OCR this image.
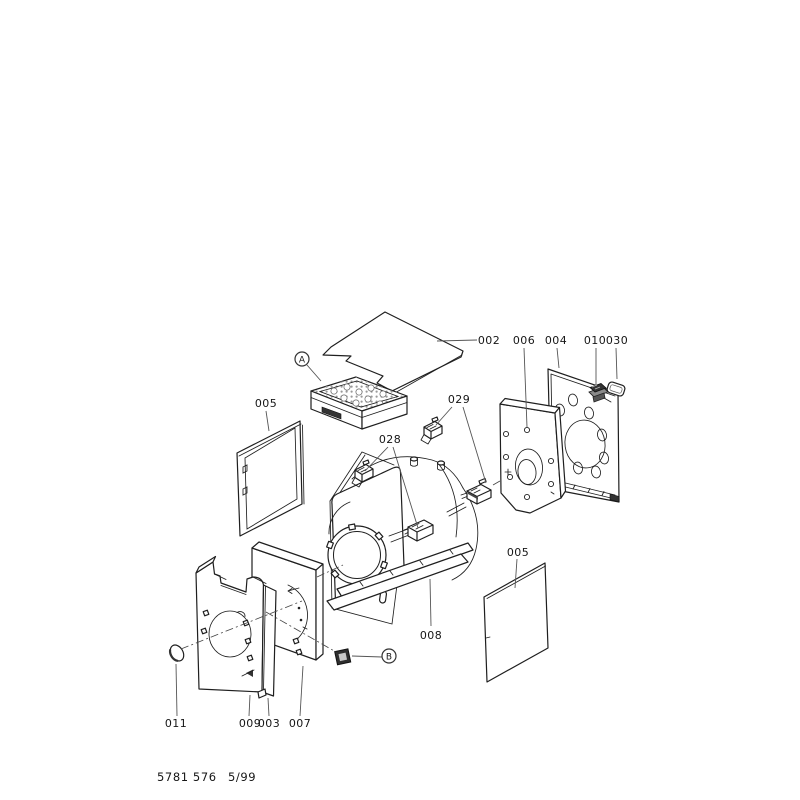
A
B
002 006 004 010 030
005	029
028
008
005
011	009
003 007
5781 576 5/99
